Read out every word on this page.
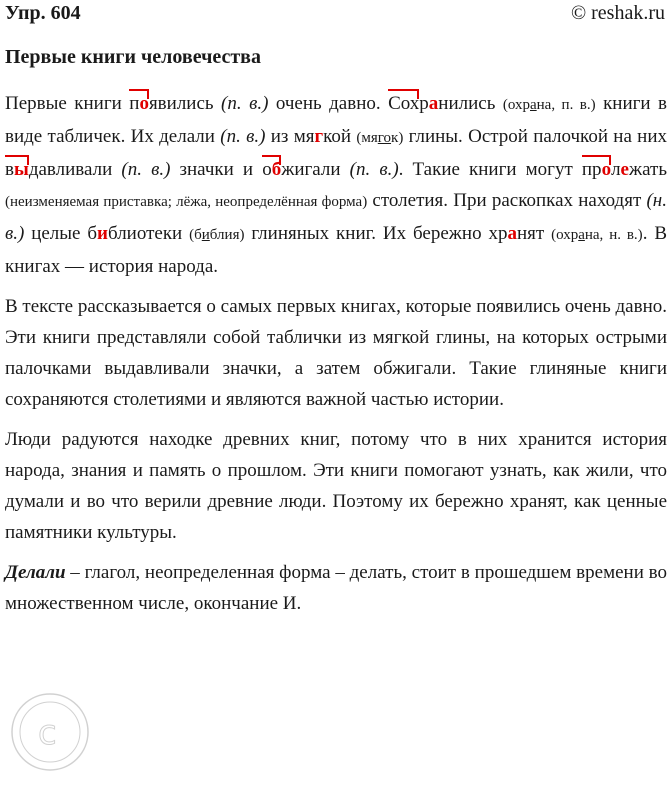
Упр. 604	© reshak.ru
Первые книги человечества

Первые книги появились (п. в.) очень давно. Сохранились (охрана, п. в.) книги в виде табличек. Их делали (п. в.) из мягкой (мягок) глины. Острой палочкой на них выдавливали (п. в.) значки и обжигали (п. в.). Такие книги могут пролежать (неизменяемая приставка; лёжа, неопределённая форма) столетия. При раскопках находят (н. в.) целые библиотеки (библия) глиняных книг. Их бережно хранят (охрана, н. в.). В книгах — история народа.

В тексте рассказывается о самых первых книгах, которые появились очень давно. Эти книги представляли собой таблички из мягкой глины, на которых острыми палочками выдавливали значки, а затем обжигали. Такие глиняные книги сохраняются столетиями и являются важной частью истории.

Люди радуются находке древних книг, потому что в них хранится история народа, знания и память о прошлом. Эти книги помогают узнать, как жили, что думали и во что верили древние люди. Поэтому их бережно хранят, как ценные памятники культуры.

Делали – глагол, неопределенная форма – делать, стоит в прошедшем времени во множественном числе, окончание И.

c
